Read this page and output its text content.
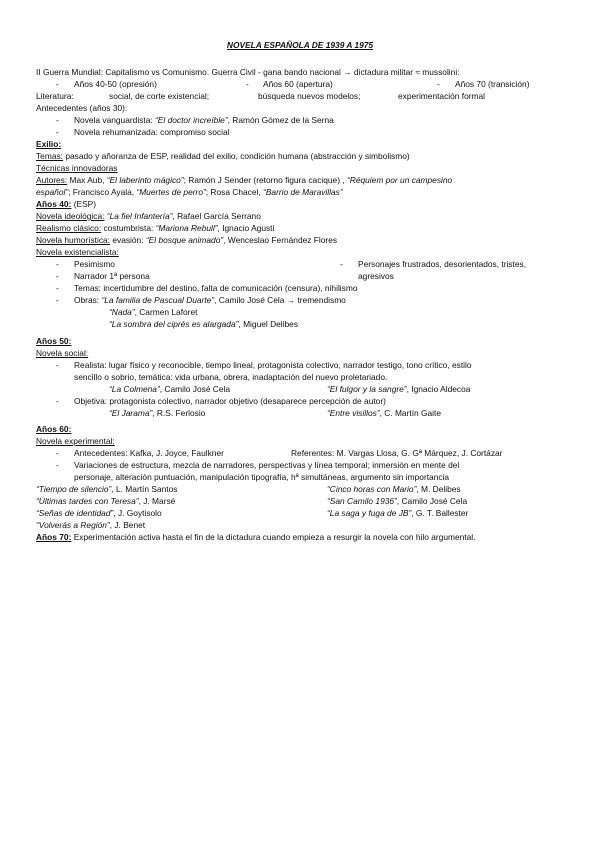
NOVELA ESPAÑOLA DE 1939 A 1975
II Guerra Mundial: Capitalismo vs Comunismo. Guerra Civil - gana bando nacional → dictadura militar ≈ mussolini:
- Años 40-50 (opresión)	- Años 60 (apertura)	- Años 70 (transición)
Literatura:	social, de corte existencial;	búsqueda nuevos modelos;	experimentación formal
Antecedentes (años 30):
- Novela vanguardista: “El doctor increíble”, Ramón Gómez de la Serna
- Novela rehumanizada: compromiso social
Exilio:
Temas: pasado y añoranza de ESP, realidad del exilio, condición humana (abstracción y simbolismo)
Técnicas innovadoras
Autores: Max Aub, “El laberinto mágico”; Ramón J Sender (retorno figura cacique) , “Réquiem por un campesino
español”; Francisco Ayala, “Muertes de perro”; Rosa Chacel, “Barrio de Maravillas”
Años 40: (ESP)
Novela ideológica: “La fiel Infantería”, Rafael García Serrano
Realismo clásico: costumbrista: “Mariona Rebull”, Ignacio Agustí
Novela humorística: evasión: “El bosque animado”, Wenceslao Fernández Flores
Novela existencialista:
- Pesimismo	- Personajes frustrados, desorientados, tristes,
- Narrador 1ª persona	agresivos
- Temas: incertidumbre del destino, falta de comunicación (censura), nihilismo
- Obras: “La familia de Pascual Duarte”, Camilo José Cela → tremendismo
“Nada”, Carmen Laforet
“La sombra del ciprés es alargada”, Miguel Delibes
Años 50:
Novela social:
- Realista: lugar físico y reconocible, tiempo lineal, protagonista colectivo, narrador testigo, tono crítico, estilo
sencillo o sobrio, temática: vida urbana, obrera, inadaptación del nuevo proletariado.
“La Colmena”, Camilo José Cela	“El fulgor y la sangre”, Ignacio Aldecoa
- Objetiva: protagonista colectivo, narrador objetivo (desaparece percepción de autor)
“El Jarama”, R.S. Ferlosio	“Entre visillos”, C. Martín Gaite
Años 60:
Novela experimental:
- Antecedentes: Kafka, J. Joyce, Faulkner	Referentes: M. Vargas Llosa, G. Gª Márquez, J. Cortázar
- Variaciones de estructura, mezcla de narradores, perspectivas y línea temporal; inmersión en mente del
personaje, alteración puntuación, manipulación tipografía, hª simultáneas, argumento sin importancia
“Tiempo de silencio”, L. Martín Santos	“Cinco horas con Mario”, M. Delibes
“Últimas tardes con Teresa”, J. Marsé	“San Camilo 1936”, Camilo José Cela
“Señas de identidad”, J. Goytisolo	“La saga y fuga de JB”, G. T. Ballester
“Volverás a Región”, J. Benet
Años 70: Experimentación activa hasta el fin de la dictadura cuando empieza a resurgir la novela con hilo argumental.
